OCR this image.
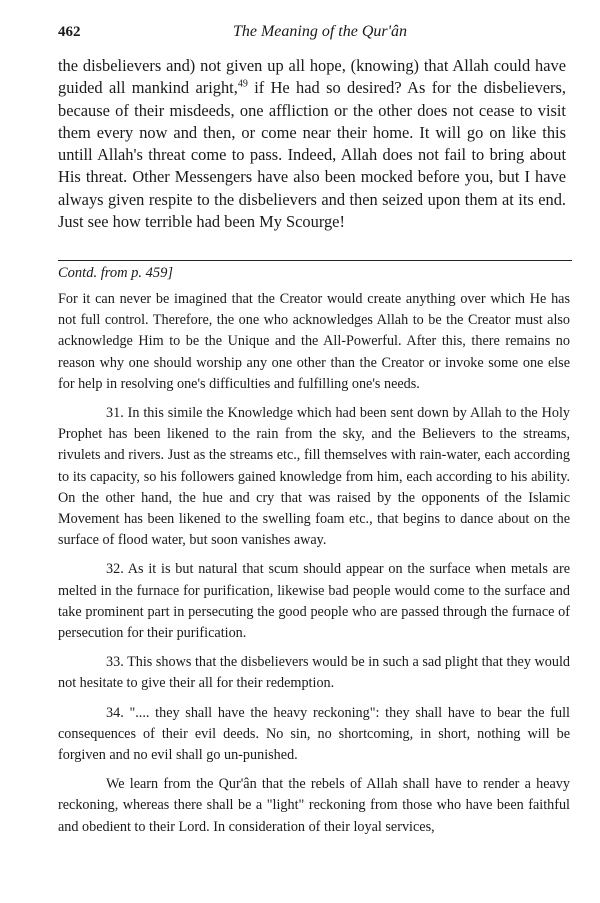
462	The Meaning of the Qur'ân

the disbelievers and) not given up all hope, (knowing) that Allah could have guided all mankind aright,$^{49}$ if He had so desired? As for the disbelievers, because of their misdeeds, one affliction or the other does not cease to visit them every now and then, or come near their home. It will go on like this untill Allah's threat come to pass. Indeed, Allah does not fail to bring about His threat. Other Messengers have also been mocked before you, but I have always given respite to the disbelievers and then seized upon them at its end. Just see how terrible had been My Scourge!

Contd. from p. 459]

For it can never be imagined that the Creator would create anything over which He has not full control. Therefore, the one who acknowledges Allah to be the Creator must also acknowledge Him to be the Unique and the All-Powerful. After this, there remains no reason why one should worship any one other than the Creator or invoke some one else for help in resolving one's difficulties and fulfilling one's needs.

31. In this simile the Knowledge which had been sent down by Allah to the Holy Prophet has been likened to the rain from the sky, and the Believers to the streams, rivulets and rivers. Just as the streams etc., fill themselves with rain-water, each according to its capacity, so his followers gained knowledge from him, each according to his ability. On the other hand, the hue and cry that was raised by the opponents of the Islamic Movement has been likened to the swelling foam etc., that begins to dance about on the surface of flood water, but soon vanishes away.

32. As it is but natural that scum should appear on the surface when metals are melted in the furnace for purification, likewise bad people would come to the surface and take prominent part in persecuting the good people who are passed through the furnace of persecution for their purification.

33. This shows that the disbelievers would be in such a sad plight that they would not hesitate to give their all for their redemption.

34. ".... they shall have the heavy reckoning": they shall have to bear the full consequences of their evil deeds. No sin, no shortcoming, in short, nothing will be forgiven and no evil shall go un-punished.

We learn from the Qur'ân that the rebels of Allah shall have to render a heavy reckoning, whereas there shall be a "light" reckoning from those who have been faithful and obedient to their Lord. In consideration of their loyal services,
